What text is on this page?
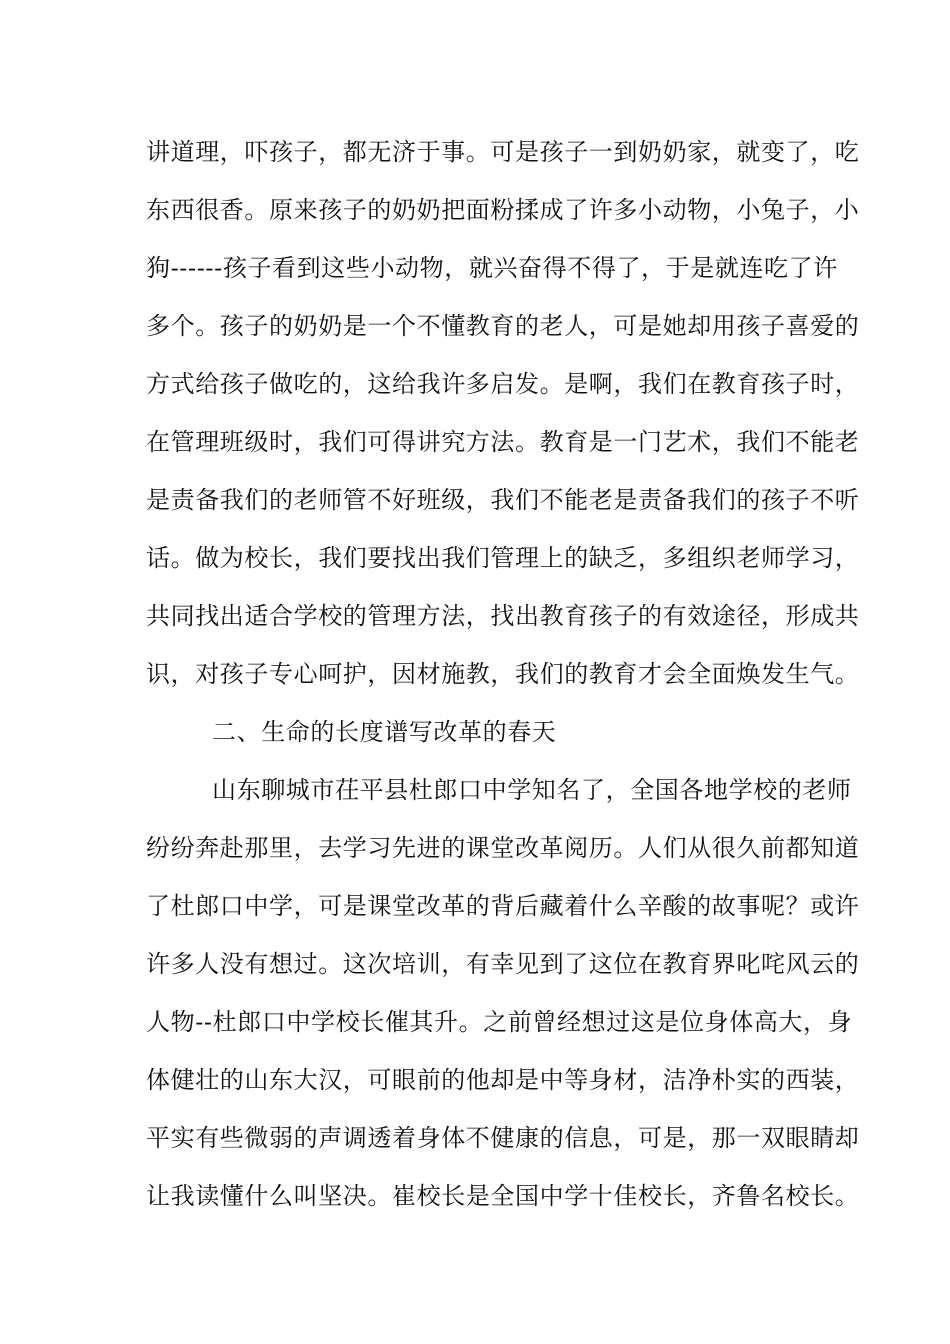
讲道理，吓孩子，都无济于事。可是孩子一到奶奶家，就变了，吃
东西很香。原来孩子的奶奶把面粉揉成了许多小动物，小兔子，小
狗------孩子看到这些小动物，就兴奋得不得了，于是就连吃了许
多个。孩子的奶奶是一个不懂教育的老人，可是她却用孩子喜爱的
方式给孩子做吃的，这给我许多启发。是啊，我们在教育孩子时，
在管理班级时，我们可得讲究方法。教育是一门艺术，我们不能老
是责备我们的老师管不好班级，我们不能老是责备我们的孩子不听
话。做为校长，我们要找出我们管理上的缺乏，多组织老师学习，
共同找出适合学校的管理方法，找出教育孩子的有效途径，形成共
识，对孩子专心呵护，因材施教，我们的教育才会全面焕发生气。
二、生命的长度谱写改革的春天
山东聊城市茌平县杜郎口中学知名了，全国各地学校的老师
纷纷奔赴那里，去学习先进的课堂改革阅历。人们从很久前都知道
了杜郎口中学，可是课堂改革的背后藏着什么辛酸的故事呢？或许
许多人没有想过。这次培训，有幸见到了这位在教育界叱咤风云的
人物--杜郎口中学校长催其升。之前曾经想过这是位身体高大，身
体健壮的山东大汉，可眼前的他却是中等身材，洁净朴实的西装，
平实有些微弱的声调透着身体不健康的信息，可是，那一双眼睛却
让我读懂什么叫坚决。崔校长是全国中学十佳校长，齐鲁名校长。
